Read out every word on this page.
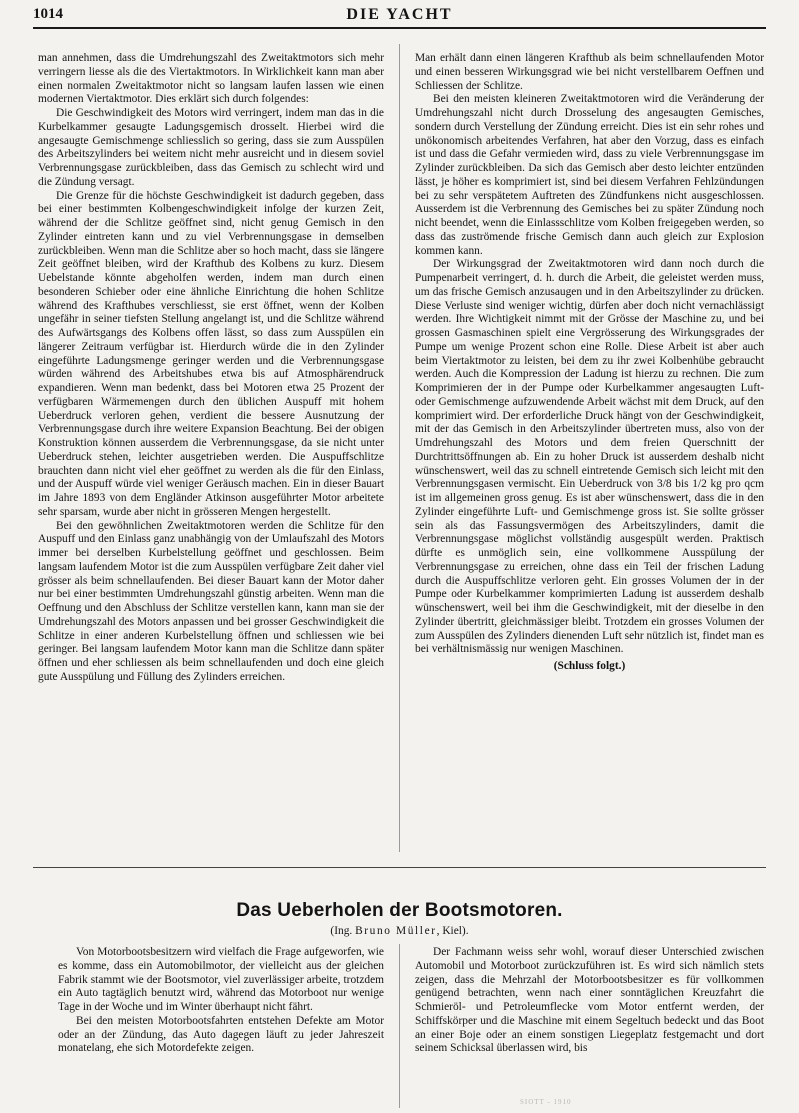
1014	DIE YACHT

man annehmen, dass die Umdrehungszahl des Zweitaktmotors sich mehr verringern liesse als die des Viertaktmotors. In Wirklichkeit kann man aber einen normalen Zweitaktmotor nicht so langsam laufen lassen wie einen modernen Viertaktmotor. Dies erklärt sich durch folgendes:

Die Geschwindigkeit des Motors wird verringert, indem man das in die Kurbelkammer gesaugte Ladungsgemisch drosselt. Hierbei wird die angesaugte Gemischmenge schliesslich so gering, dass sie zum Ausspülen des Arbeitszylinders bei weitem nicht mehr ausreicht und in diesem soviel Verbrennungsgase zurückbleiben, dass das Gemisch zu schlecht wird und die Zündung versagt.

Die Grenze für die höchste Geschwindigkeit ist dadurch gegeben, dass bei einer bestimmten Kolbengeschwindigkeit infolge der kurzen Zeit, während der die Schlitze geöffnet sind, nicht genug Gemisch in den Zylinder eintreten kann und zu viel Verbrennungsgase in demselben zurückbleiben. Wenn man die Schlitze aber so hoch macht, dass sie längere Zeit geöffnet bleiben, wird der Krafthub des Kolbens zu kurz. Diesem Uebelstande könnte abgeholfen werden, indem man durch einen besonderen Schieber oder eine ähnliche Einrichtung die hohen Schlitze während des Krafthubes verschliesst, sie erst öffnet, wenn der Kolben ungefähr in seiner tiefsten Stellung angelangt ist, und die Schlitze während des Aufwärtsgangs des Kolbens offen lässt, so dass zum Ausspülen ein längerer Zeitraum verfügbar ist. Hierdurch würde die in den Zylinder eingeführte Ladungsmenge geringer werden und die Verbrennungsgase würden während des Arbeitshubes etwa bis auf Atmosphärendruck expandieren. Wenn man bedenkt, dass bei Motoren etwa 25 Prozent der verfügbaren Wärmemengen durch den üblichen Auspuff mit hohem Ueberdruck verloren gehen, verdient die bessere Ausnutzung der Verbrennungsgase durch ihre weitere Expansion Beachtung. Bei der obigen Konstruktion können ausserdem die Verbrennungsgase, da sie nicht unter Ueberdruck stehen, leichter ausgetrieben werden. Die Auspuffschlitze brauchten dann nicht viel eher geöffnet zu werden als die für den Einlass, und der Auspuff würde viel weniger Geräusch machen. Ein in dieser Bauart im Jahre 1893 von dem Engländer Atkinson ausgeführter Motor arbeitete sehr sparsam, wurde aber nicht in grösseren Mengen hergestellt.

Bei den gewöhnlichen Zweitaktmotoren werden die Schlitze für den Auspuff und den Einlass ganz unabhängig von der Umlaufszahl des Motors immer bei derselben Kurbelstellung geöffnet und geschlossen. Beim langsam laufendem Motor ist die zum Ausspülen verfügbare Zeit daher viel grösser als beim schnellaufenden. Bei dieser Bauart kann der Motor daher nur bei einer bestimmten Umdrehungszahl günstig arbeiten. Wenn man die Oeffnung und den Abschluss der Schlitze verstellen kann, kann man sie der Umdrehungszahl des Motors anpassen und bei grosser Geschwindigkeit die Schlitze in einer anderen Kurbelstellung öffnen und schliessen wie bei geringer. Bei langsam laufendem Motor kann man die Schlitze dann später öffnen und eher schliessen als beim schnellaufenden und doch eine gleich gute Ausspülung und Füllung des Zylinders erreichen.

Man erhält dann einen längeren Krafthub als beim schnellaufenden Motor und einen besseren Wirkungsgrad wie bei nicht verstellbarem Oeffnen und Schliessen der Schlitze.

Bei den meisten kleineren Zweitaktmotoren wird die Veränderung der Umdrehungszahl nicht durch Drosselung des angesaugten Gemisches, sondern durch Verstellung der Zündung erreicht. Dies ist ein sehr rohes und unökonomisch arbeitendes Verfahren, hat aber den Vorzug, dass es einfach ist und dass die Gefahr vermieden wird, dass zu viele Verbrennungsgase im Zylinder zurückbleiben. Da sich das Gemisch aber desto leichter entzünden lässt, je höher es komprimiert ist, sind bei diesem Verfahren Fehlzündungen bei zu sehr verspätetem Auftreten des Zündfunkens nicht ausgeschlossen. Ausserdem ist die Verbrennung des Gemisches bei zu später Zündung noch nicht beendet, wenn die Einlassschlitze vom Kolben freigegeben werden, so dass das zuströmende frische Gemisch dann auch gleich zur Explosion kommen kann.

Der Wirkungsgrad der Zweitaktmotoren wird dann noch durch die Pumpenarbeit verringert, d. h. durch die Arbeit, die geleistet werden muss, um das frische Gemisch anzusaugen und in den Arbeitszylinder zu drücken. Diese Verluste sind weniger wichtig, dürfen aber doch nicht vernachlässigt werden. Ihre Wichtigkeit nimmt mit der Grösse der Maschine zu, und bei grossen Gasmaschinen spielt eine Vergrösserung des Wirkungsgrades der Pumpe um wenige Prozent schon eine Rolle. Diese Arbeit ist aber auch beim Viertaktmotor zu leisten, bei dem zu ihr zwei Kolbenhübe gebraucht werden. Auch die Kompression der Ladung ist hierzu zu rechnen. Die zum Komprimieren der in der Pumpe oder Kurbelkammer angesaugten Luft- oder Gemischmenge aufzuwendende Arbeit wächst mit dem Druck, auf den komprimiert wird. Der erforderliche Druck hängt von der Geschwindigkeit, mit der das Gemisch in den Arbeitszylinder übertreten muss, also von der Umdrehungszahl des Motors und dem freien Querschnitt der Durchtrittsöffnungen ab. Ein zu hoher Druck ist ausserdem deshalb nicht wünschenswert, weil das zu schnell eintretende Gemisch sich leicht mit den Verbrennungsgasen vermischt. Ein Ueberdruck von 3/8 bis 1/2 kg pro qcm ist im allgemeinen gross genug. Es ist aber wünschenswert, dass die in den Zylinder eingeführte Luft- und Gemischmenge gross ist. Sie sollte grösser sein als das Fassungsvermögen des Arbeitszylinders, damit die Verbrennungsgase möglichst vollständig ausgespült werden. Praktisch dürfte es unmöglich sein, eine vollkommene Ausspülung der Verbrennungsgase zu erreichen, ohne dass ein Teil der frischen Ladung durch die Auspuffschlitze verloren geht. Ein grosses Volumen der in der Pumpe oder Kurbelkammer komprimierten Ladung ist ausserdem deshalb wünschenswert, weil bei ihm die Geschwindigkeit, mit der dieselbe in den Zylinder übertritt, gleichmässiger bleibt. Trotzdem ein grosses Volumen der zum Ausspülen des Zylinders dienenden Luft sehr nützlich ist, findet man es bei verhältnismässig nur wenigen Maschinen.

(Schluss folgt.)
Das Ueberholen der Bootsmotoren.
(Ing. Bruno Müller, Kiel).

Von Motorbootsbesitzern wird vielfach die Frage aufgeworfen, wie es komme, dass ein Automobilmotor, der vielleicht aus der gleichen Fabrik stammt wie der Bootsmotor, viel zuverlässiger arbeite, trotzdem ein Auto tagtäglich benutzt wird, während das Motorboot nur wenige Tage in der Woche und im Winter überhaupt nicht fährt.

Bei den meisten Motorbootsfahrten entstehen Defekte am Motor oder an der Zündung, das Auto dagegen läuft zu jeder Jahreszeit monatelang, ehe sich Motordefekte zeigen.

Der Fachmann weiss sehr wohl, worauf dieser Unterschied zwischen Automobil und Motorboot zurückzuführen ist. Es wird sich nämlich stets zeigen, dass die Mehrzahl der Motorbootsbesitzer es für vollkommen genügend betrachten, wenn nach einer sonntäglichen Kreuzfahrt die Schmieröl- und Petroleumflecke vom Motor entfernt werden, der Schiffskörper und die Maschine mit einem Segeltuch bedeckt und das Boot an einer Boje oder an einem sonstigen Liegeplatz festgemacht und dort seinem Schicksal überlassen wird, bis

SIOTT - 1910
